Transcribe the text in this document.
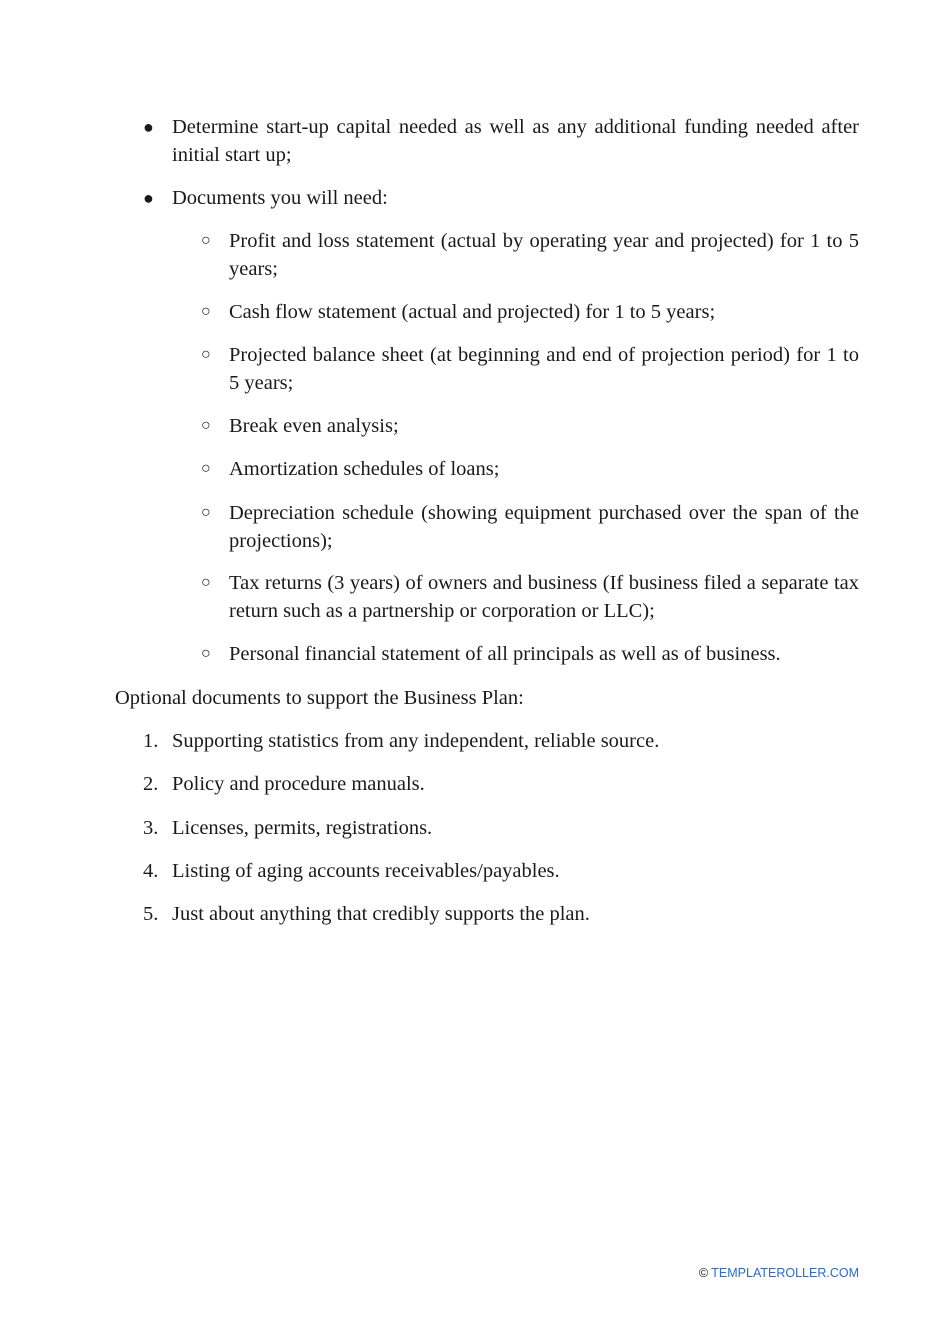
● Determine start-up capital needed as well as any additional funding needed after initial start up;
● Documents you will need:
○ Profit and loss statement (actual by operating year and projected) for 1 to 5 years;
○ Cash flow statement (actual and projected) for 1 to 5 years;
○ Projected balance sheet (at beginning and end of projection period) for 1 to 5 years;
○ Break even analysis;
○ Amortization schedules of loans;
○ Depreciation schedule (showing equipment purchased over the span of the projections);
○ Tax returns (3 years) of owners and business (If business filed a separate tax return such as a partnership or corporation or LLC);
○ Personal financial statement of all principals as well as of business.
Optional documents to support the Business Plan:
1. Supporting statistics from any independent, reliable source.
2. Policy and procedure manuals.
3. Licenses, permits, registrations.
4. Listing of aging accounts receivables/payables.
5. Just about anything that credibly supports the plan.
© TEMPLATEROLLER.COM
